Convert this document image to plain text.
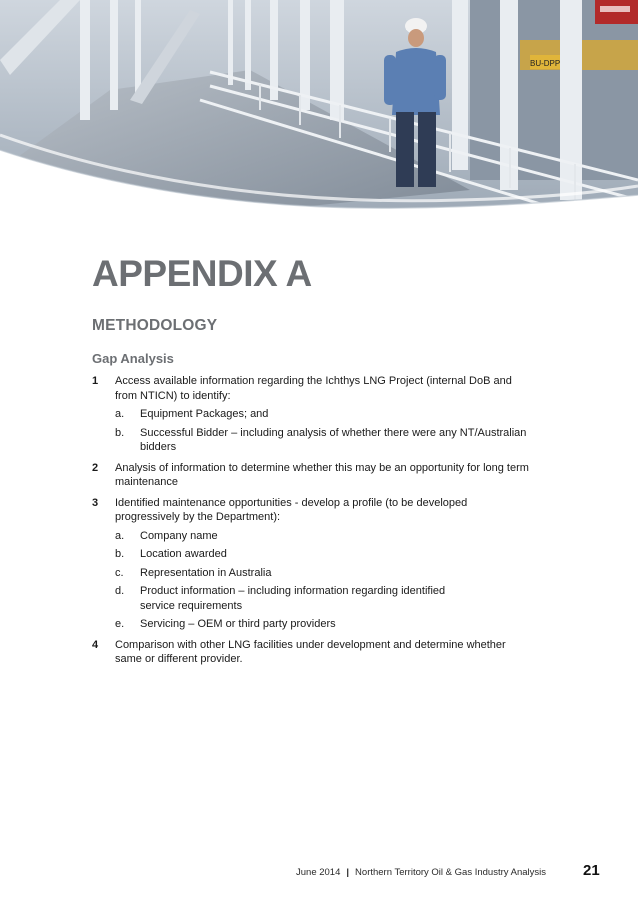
BU-DPP
APPENDIX A
METHODOLOGY
Gap Analysis
1	Access available information regarding the Ichthys LNG Project (internal DoB and from NTICN) to identify:
a.	Equipment Packages; and
b.	Successful Bidder – including analysis of whether there were any NT/Australian bidders
2	Analysis of information to determine whether this may be an opportunity for long term maintenance
3	Identified maintenance opportunities - develop a profile (to be developed progressively by the Department):
a.	Company name
b.	Location awarded
c.	Representation in Australia
d.	Product information – including information regarding identified service requirements
e.	Servicing – OEM or third party providers
4	Comparison with other LNG facilities under development and determine whether same or different provider.
June 2014 | Northern Territory Oil & Gas Industry Analysis 21
